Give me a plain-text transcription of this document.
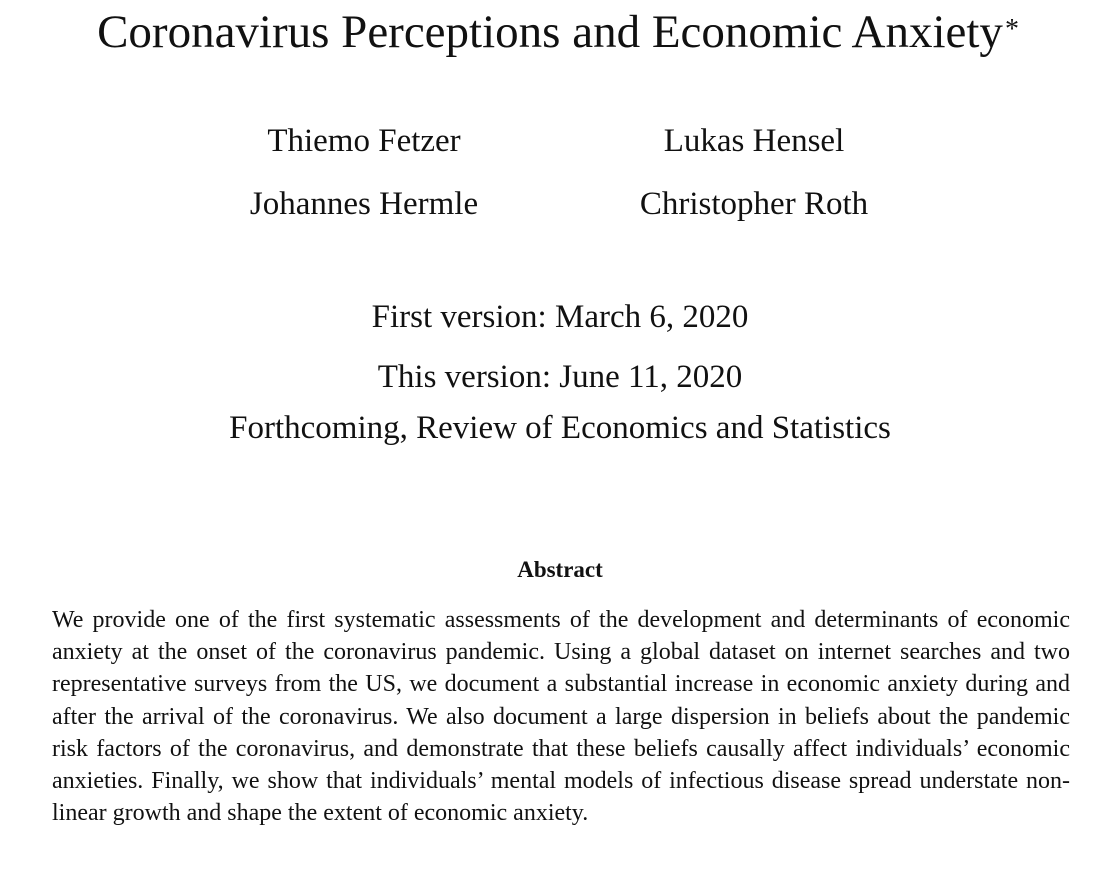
Coronavirus Perceptions and Economic Anxiety*
Thiemo Fetzer	Lukas Hensel
Johannes Hermle	Christopher Roth
First version: March 6, 2020
This version: June 11, 2020
Forthcoming, Review of Economics and Statistics
Abstract

We provide one of the first systematic assessments of the development and determinants of economic anxiety at the onset of the coronavirus pandemic. Using a global dataset on internet searches and two representative surveys from the US, we document a substantial increase in economic anxiety during and after the arrival of the coronavirus. We also document a large dispersion in beliefs about the pandemic risk factors of the coronavirus, and demonstrate that these beliefs causally affect individuals’ economic anxieties. Finally, we show that individuals’ mental models of infectious disease spread understate non-linear growth and shape the extent of economic anxiety.
